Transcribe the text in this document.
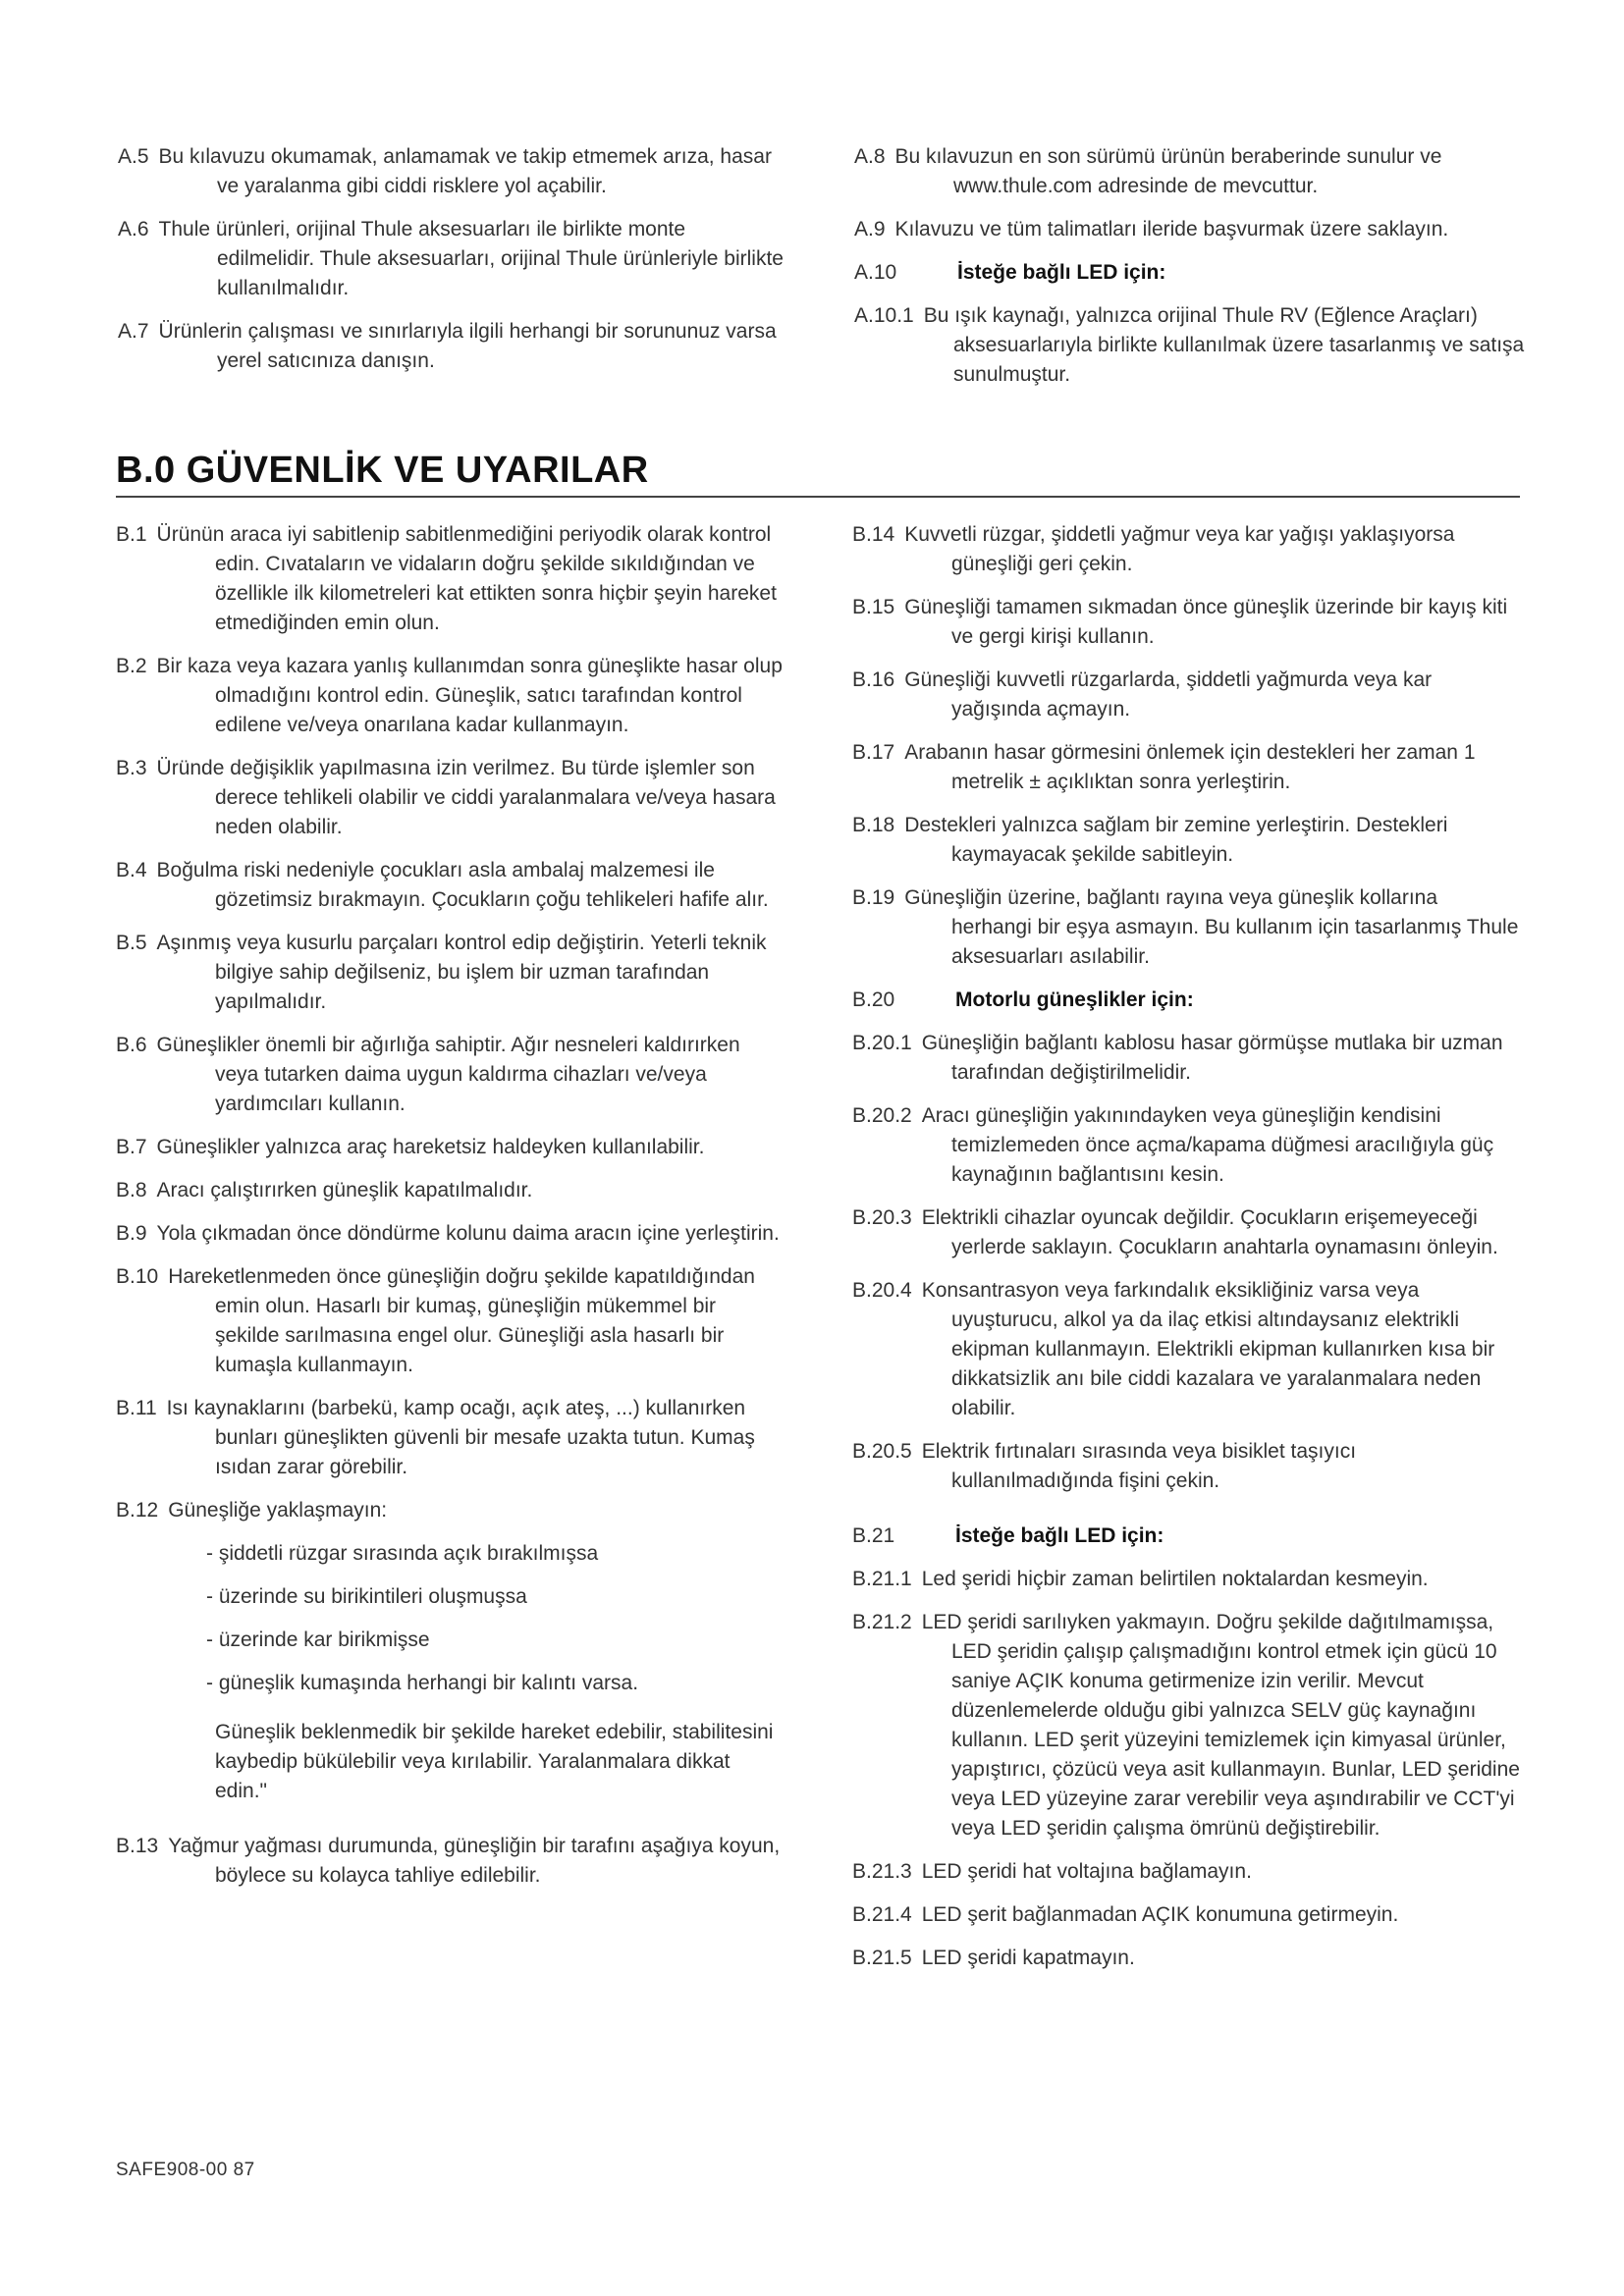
A.5 Bu kılavuzu okumamak, anlamamak ve takip etmemek arıza, hasar ve yaralanma gibi ciddi risklere yol açabilir.
A.6 Thule ürünleri, orijinal Thule aksesuarları ile birlikte monte edilmelidir. Thule aksesuarları, orijinal Thule ürünleriyle birlikte kullanılmalıdır.
A.7 Ürünlerin çalışması ve sınırlarıyla ilgili herhangi bir sorununuz varsa yerel satıcınıza danışın.
A.8 Bu kılavuzun en son sürümü ürünün beraberinde sunulur ve www.thule.com adresinde de mevcuttur.
A.9 Kılavuzu ve tüm talimatları ileride başvurmak üzere saklayın.
A.10	İsteğe bağlı LED için:
A.10.1 Bu ışık kaynağı, yalnızca orijinal Thule RV (Eğlence Araçları) aksesuarlarıyla birlikte kullanılmak üzere tasarlanmış ve satışa sunulmuştur.
B.0 GÜVENLİK VE UYARILAR
B.1 Ürünün araca iyi sabitlenip sabitlenmediğini periyodik olarak kontrol edin. Cıvataların ve vidaların doğru şekilde sıkıldığından ve özellikle ilk kilometreleri kat ettikten sonra hiçbir şeyin hareket etmediğinden emin olun.
B.2 Bir kaza veya kazara yanlış kullanımdan sonra güneşlikte hasar olup olmadığını kontrol edin. Güneşlik, satıcı tarafından kontrol edilene ve/veya onarılana kadar kullanmayın.
B.3 Üründe değişiklik yapılmasına izin verilmez. Bu türde işlemler son derece tehlikeli olabilir ve ciddi yaralanmalara ve/veya hasara neden olabilir.
B.4 Boğulma riski nedeniyle çocukları asla ambalaj malzemesi ile gözetimsiz bırakmayın. Çocukların çoğu tehlikeleri hafife alır.
B.5 Aşınmış veya kusurlu parçaları kontrol edip değiştirin. Yeterli teknik bilgiye sahip değilseniz, bu işlem bir uzman tarafından yapılmalıdır.
B.6 Güneşlikler önemli bir ağırlığa sahiptir. Ağır nesneleri kaldırırken veya tutarken daima uygun kaldırma cihazları ve/veya yardımcıları kullanın.
B.7 Güneşlikler yalnızca araç hareketsiz haldeyken kullanılabilir.
B.8 Aracı çalıştırırken güneşlik kapatılmalıdır.
B.9 Yola çıkmadan önce döndürme kolunu daima aracın içine yerleştirin.
B.10 Hareketlenmeden önce güneşliğin doğru şekilde kapatıldığından emin olun. Hasarlı bir kumaş, güneşliğin mükemmel bir şekilde sarılmasına engel olur. Güneşliği asla hasarlı bir kumaşla kullanmayın.
B.11 Isı kaynaklarını (barbekü, kamp ocağı, açık ateş, ...) kullanırken bunları güneşlikten güvenli bir mesafe uzakta tutun. Kumaş ısıdan zarar görebilir.
B.12 Güneşliğe yaklaşmayın:
- şiddetli rüzgar sırasında açık bırakılmışsa
- üzerinde su birikintileri oluşmuşsa
- üzerinde kar birikmişse
- güneşlik kumaşında herhangi bir kalıntı varsa.
Güneşlik beklenmedik bir şekilde hareket edebilir, stabilitesini kaybedip bükülebilir veya kırılabilir. Yaralanmalara dikkat edin."
B.13 Yağmur yağması durumunda, güneşliğin bir tarafını aşağıya koyun, böylece su kolayca tahliye edilebilir.
B.14 Kuvvetli rüzgar, şiddetli yağmur veya kar yağışı yaklaşıyorsa güneşliği geri çekin.
B.15 Güneşliği tamamen sıkmadan önce güneşlik üzerinde bir kayış kiti ve gergi kirişi kullanın.
B.16 Güneşliği kuvvetli rüzgarlarda, şiddetli yağmurda veya kar yağışında açmayın.
B.17 Arabanın hasar görmesini önlemek için destekleri her zaman 1 metrelik ± açıklıktan sonra yerleştirin.
B.18 Destekleri yalnızca sağlam bir zemine yerleştirin. Destekleri kaymayacak şekilde sabitleyin.
B.19 Güneşliğin üzerine, bağlantı rayına veya güneşlik kollarına herhangi bir eşya asmayın. Bu kullanım için tasarlanmış Thule aksesuarları asılabilir.
B.20	Motorlu güneşlikler için:
B.20.1 Güneşliğin bağlantı kablosu hasar görmüşse mutlaka bir uzman tarafından değiştirilmelidir.
B.20.2 Aracı güneşliğin yakınındayken veya güneşliğin kendisini temizlemeden önce açma/kapama düğmesi aracılığıyla güç kaynağının bağlantısını kesin.
B.20.3 Elektrikli cihazlar oyuncak değildir. Çocukların erişemeyeceği yerlerde saklayın. Çocukların anahtarla oynamasını önleyin.
B.20.4 Konsantrasyon veya farkındalık eksikliğiniz varsa veya uyuşturucu, alkol ya da ilaç etkisi altındaysanız elektrikli ekipman kullanmayın. Elektrikli ekipman kullanırken kısa bir dikkatsizlik anı bile ciddi kazalara ve yaralanmalara neden olabilir.
B.20.5 Elektrik fırtınaları sırasında veya bisiklet taşıyıcı kullanılmadığında fişini çekin.
B.21	İsteğe bağlı LED için:
B.21.1 Led şeridi hiçbir zaman belirtilen noktalardan kesmeyin.
B.21.2 LED şeridi sarılıyken yakmayın. Doğru şekilde dağıtılmamışsa, LED şeridin çalışıp çalışmadığını kontrol etmek için gücü 10 saniye AÇIK konuma getirmenize izin verilir. Mevcut düzenlemelerde olduğu gibi yalnızca SELV güç kaynağını kullanın. LED şerit yüzeyini temizlemek için kimyasal ürünler, yapıştırıcı, çözücü veya asit kullanmayın. Bunlar, LED şeridine veya LED yüzeyine zarar verebilir veya aşındırabilir ve CCT'yi veya LED şeridin çalışma ömrünü değiştirebilir.
B.21.3 LED şeridi hat voltajına bağlamayın.
B.21.4 LED şerit bağlanmadan AÇIK konumuna getirmeyin.
B.21.5 LED şeridi kapatmayın.
SAFE908-00 87
